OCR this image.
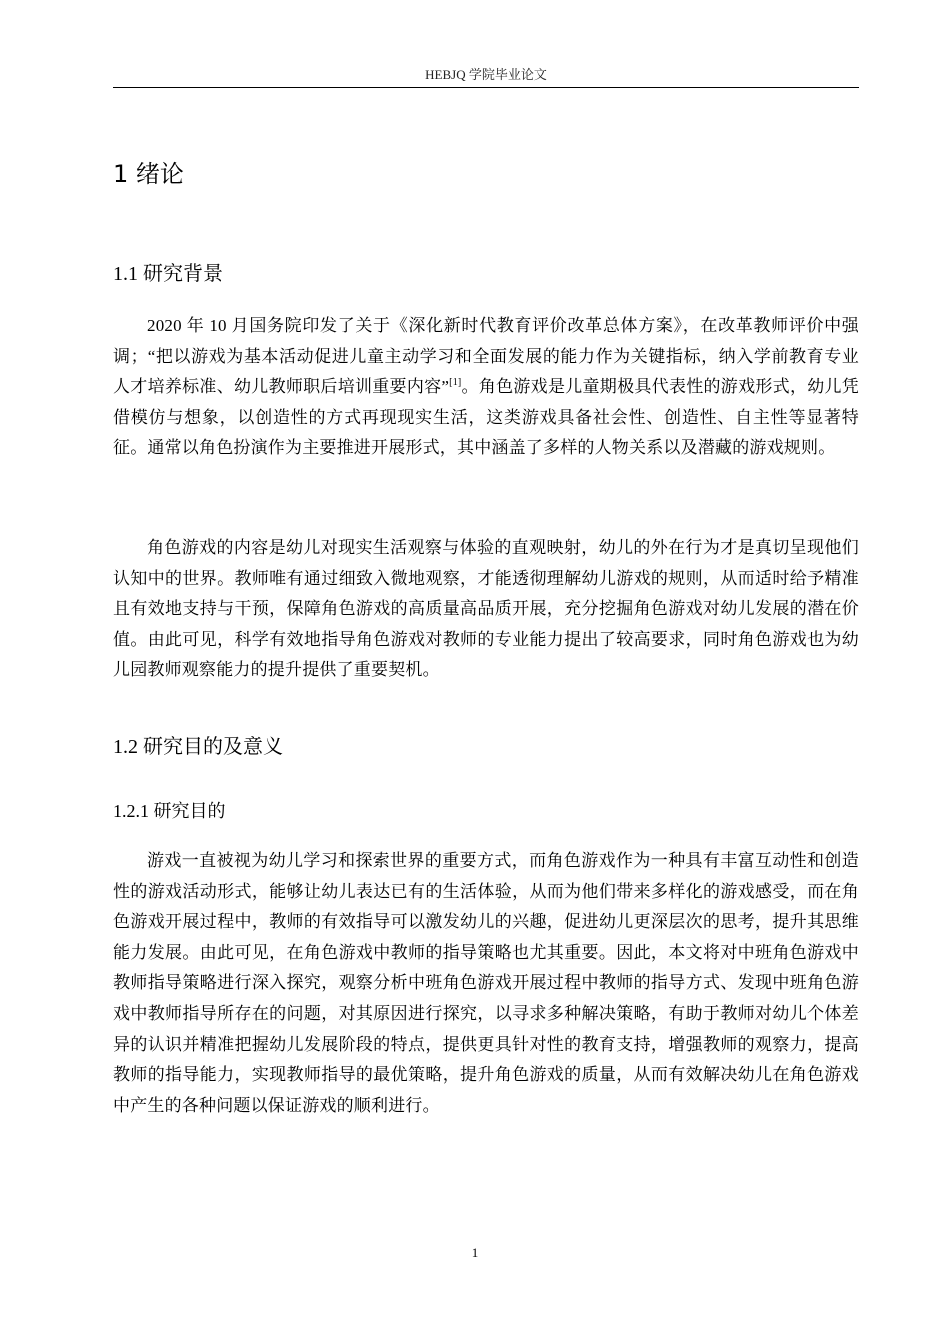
HEBJQ 学院毕业论文
1 绪论
1.1 研究背景
2020 年 10 月国务院印发了关于《深化新时代教育评价改革总体方案》，在改革教师评价中强调；“把以游戏为基本活动促进儿童主动学习和全面发展的能力作为关键指标，纳入学前教育专业人才培养标准、幼儿教师职后培训重要内容”[1]。角色游戏是儿童期极具代表性的游戏形式，幼儿凭借模仿与想象，以创造性的方式再现现实生活，这类游戏具备社会性、创造性、自主性等显著特征。通常以角色扮演作为主要推进开展形式，其中涵盖了多样的人物关系以及潜藏的游戏规则。
角色游戏的内容是幼儿对现实生活观察与体验的直观映射，幼儿的外在行为才是真切呈现他们认知中的世界。教师唯有通过细致入微地观察，才能透彻理解幼儿游戏的规则，从而适时给予精准且有效地支持与干预，保障角色游戏的高质量高品质开展，充分挖掘角色游戏对幼儿发展的潜在价值。由此可见，科学有效地指导角色游戏对教师的专业能力提出了较高要求，同时角色游戏也为幼儿园教师观察能力的提升提供了重要契机。
1.2 研究目的及意义
1.2.1 研究目的
游戏一直被视为幼儿学习和探索世界的重要方式，而角色游戏作为一种具有丰富互动性和创造性的游戏活动形式，能够让幼儿表达已有的生活体验，从而为他们带来多样化的游戏感受，而在角色游戏开展过程中，教师的有效指导可以激发幼儿的兴趣，促进幼儿更深层次的思考，提升其思维能力发展。由此可见，在角色游戏中教师的指导策略也尤其重要。因此，本文将对中班角色游戏中教师指导策略进行深入探究，观察分析中班角色游戏开展过程中教师的指导方式、发现中班角色游戏中教师指导所存在的问题，对其原因进行探究，以寻求多种解决策略，有助于教师对幼儿个体差异的认识并精准把握幼儿发展阶段的特点，提供更具针对性的教育支持，增强教师的观察力，提高教师的指导能力，实现教师指导的最优策略，提升角色游戏的质量，从而有效解决幼儿在角色游戏中产生的各种问题以保证游戏的顺利进行。
1
